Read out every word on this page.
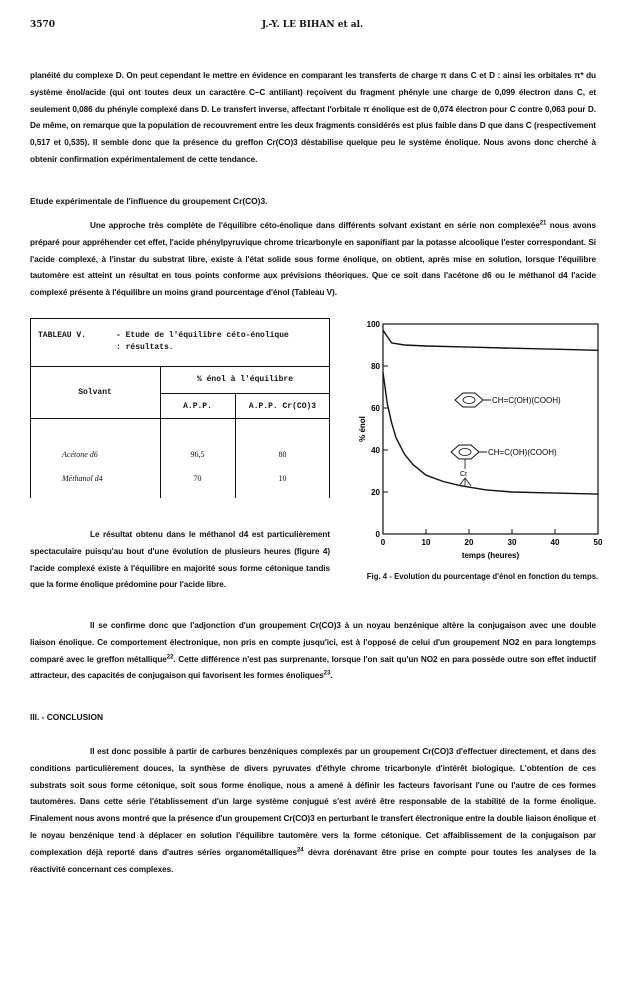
3570	J.-Y. LE BIHAN et al.

planéité du complexe D. On peut cependant le mettre en évidence en comparant les transferts de charge π dans C et D : ainsi les orbitales π* du système énol/acide (qui ont toutes deux un caractère C–C antiliant) reçoivent du fragment phényle une charge de 0,099 électron dans C, et seulement 0,086 du phényle complexé dans D. Le transfert inverse, affectant l'orbitale π énolique est de 0,074 électron pour C contre 0,063 pour D. De même, on remarque que la population de recouvrement entre les deux fragments considérés est plus faible dans D que dans C (respectivement 0,517 et 0,535). Il semble donc que la présence du greffon Cr(CO)3 déstabilise quelque peu le système énolique. Nous avons donc cherché à obtenir confirmation expérimentalement de cette tendance.

Etude expérimentale de l'influence du groupement Cr(CO)3.

Une approche très complète de l'équilibre céto-énolique dans différents solvant existant en série non complexée$^{21}$ nous avons préparé pour appréhender cet effet, l'acide phénylpyruvique chrome tricarbonyle en saponifiant par la potasse alcoolique l'ester correspondant. Si l'acide complexé, à l'instar du substrat libre, existe à l'état solide sous forme énolique, on obtient, après mise en solution, lorsque l'équilibre tautomère est atteint un résultat en tous points conforme aux prévisions théoriques. Que ce soit dans l'acétone d6 ou le méthanol d4 l'acide complexé présente à l'équilibre un moins grand pourcentage d'énol (Tableau V).

TABLEAU V.	- Etude de l'équilibre céto-énolique : résultats.
% énol à l'équilibre
Solvant
A.P.P.	A.P.P. Cr(CO)3
Acétone d6	96,5	80
Méthanol d4	70	10
0
20
40
60
80
100
0	10	20	30	40	50
temps (heures)
% énol
CH=C(OH)(COOH)
CH=C(OH)(COOH)
Cr
Fig. 4 - Evolution du pourcentage d'énol en fonction du temps.

Le résultat obtenu dans le méthanol d4 est particulièrement spectaculaire puisqu'au bout d'une évolution de plusieurs heures (figure 4) l'acide complexé existe à l'équilibre en majorité sous forme cétonique tandis que la forme énolique prédomine pour l'acide libre.

Il se confirme donc que l'adjonction d'un groupement Cr(CO)3 à un noyau benzénique altère la conjugaison avec une double liaison énolique. Ce comportement électronique, non pris en compte jusqu'ici, est à l'opposé de celui d'un groupement NO2 en para longtemps comparé avec le greffon métallique$^{22}$. Cette différence n'est pas surprenante, lorsque l'on sait qu'un NO2 en para possède outre son effet inductif attracteur, des capacités de conjugaison qui favorisent les formes énoliques$^{23}$.

III. - CONCLUSION

Il est donc possible à partir de carbures benzéniques complexés par un groupement Cr(CO)3 d'effectuer directement, et dans des conditions particulièrement douces, la synthèse de divers pyruvates d'éthyle chrome tricarbonyle d'intérêt biologique. L'obtention de ces substrats soit sous forme cétonique, soit sous forme énolique, nous a amené à définir les facteurs favorisant l'une ou l'autre de ces formes tautomères. Dans cette série l'établissement d'un large système conjugué s'est avéré être responsable de la stabilité de la forme énolique. Finalement nous avons montré que la présence d'un groupement Cr(CO)3 en perturbant le transfert électronique entre la double liaison énolique et le noyau benzénique tend à déplacer en solution l'équilibre tautomère vers la forme cétonique. Cet affaiblissement de la conjugaison par complexation déjà reporté dans d'autres séries organométalliques$^{24}$ devra dorénavant être prise en compte pour toutes les analyses de la réactivité concernant ces complexes.
